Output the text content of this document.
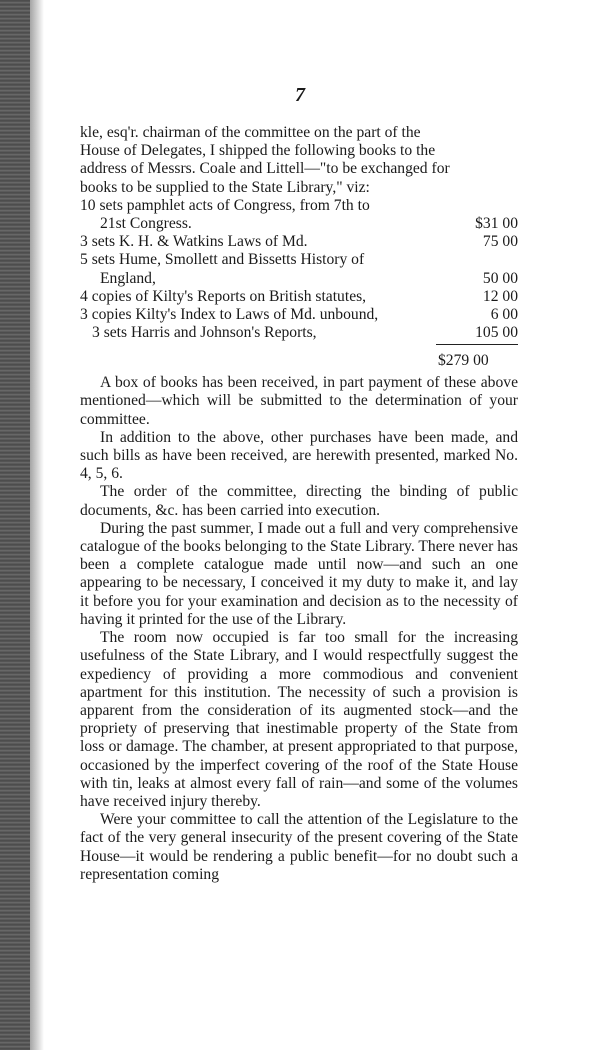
7
kle, esq'r. chairman of the committee on the part of the
House of Delegates, I shipped the following books to the
address of Messrs. Coale and Littell—"to be exchanged for
books to be supplied to the State Library," viz:
10 sets pamphlet acts of Congress, from 7th to
21st Congress.	$31 00
3 sets K. H. & Watkins Laws of Md.	75 00
5 sets Hume, Smollett and Bissetts History of
England,	50 00
4 copies of Kilty's Reports on British statutes,	12 00
3 copies Kilty's Index to Laws of Md. unbound,	6 00
3 sets Harris and Johnson's Reports,	105 00
$279 00

A box of books has been received, in part payment of these above mentioned—which will be submitted to the determination of your committee.

In addition to the above, other purchases have been made, and such bills as have been received, are herewith presented, marked No. 4, 5, 6.

The order of the committee, directing the binding of public documents, &c. has been carried into execution.

During the past summer, I made out a full and very comprehensive catalogue of the books belonging to the State Library. There never has been a complete catalogue made until now—and such an one appearing to be necessary, I conceived it my duty to make it, and lay it before you for your examination and decision as to the necessity of having it printed for the use of the Library.

The room now occupied is far too small for the increasing usefulness of the State Library, and I would respectfully suggest the expediency of providing a more commodious and convenient apartment for this institution. The necessity of such a provision is apparent from the consideration of its augmented stock—and the propriety of preserving that inestimable property of the State from loss or damage. The chamber, at present appropriated to that purpose, occasioned by the imperfect covering of the roof of the State House with tin, leaks at almost every fall of rain—and some of the volumes have received injury thereby.

Were your committee to call the attention of the Legislature to the fact of the very general insecurity of the present covering of the State House—it would be rendering a public benefit—for no doubt such a representation coming
